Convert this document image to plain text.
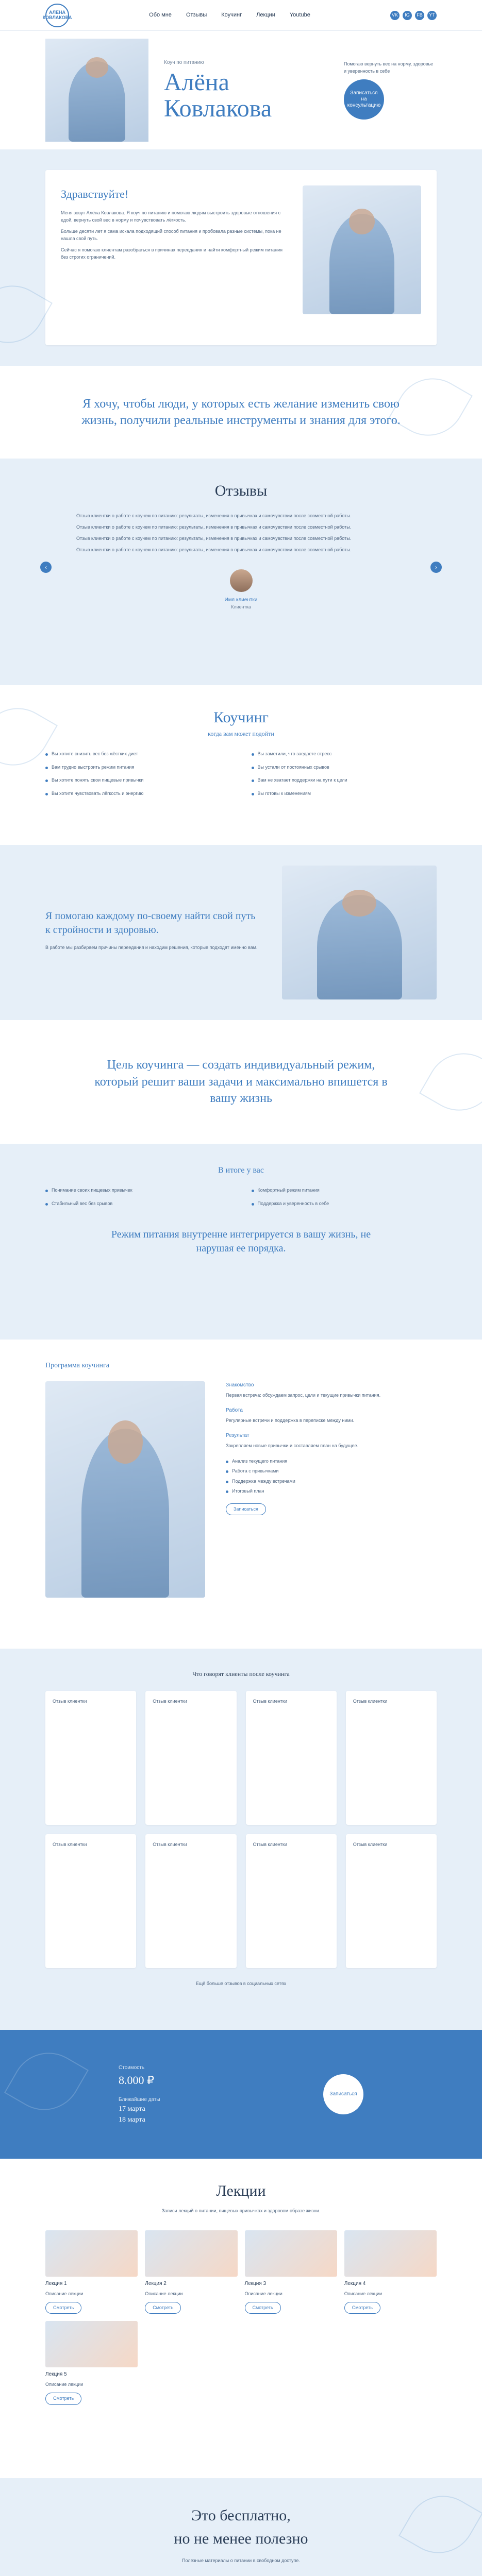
АЛЁНА
КОВЛАКОВА	Обо мне	Отзывы	Коучинг	Лекции	Youtube	VK	IG	FB	YT
Коуч по питанию
Алёна
Ковлакова
Помогаю вернуть вес на норму, здоровье и уверенность в себе
Записаться на консультацию
Здравствуйте!
Меня зовут Алёна Ковлакова. Я коуч по питанию и помогаю людям выстроить здоровые отношения с едой, вернуть свой вес в норму и почувствовать лёгкость.
Больше десяти лет я сама искала подходящий способ питания и пробовала разные системы, пока не нашла свой путь.
Сейчас я помогаю клиентам разобраться в причинах переедания и найти комфортный режим питания без строгих ограничений.
Я хочу, чтобы люди, у которых есть желание изменить свою жизнь, получили реальные инструменты и знания для этого.
Отзывы
‹	›
Отзыв клиентки о работе с коучем по питанию: результаты, изменения в привычках и самочувствии после совместной работы.
Отзыв клиентки о работе с коучем по питанию: результаты, изменения в привычках и самочувствии после совместной работы.
Отзыв клиентки о работе с коучем по питанию: результаты, изменения в привычках и самочувствии после совместной работы.
Отзыв клиентки о работе с коучем по питанию: результаты, изменения в привычках и самочувствии после совместной работы.
Имя клиентки
Клиентка
Коучинг
когда вам может подойти
Вы хотите снизить вес без жёстких диет	Вы заметили, что заедаете стресс
Вам трудно выстроить режим питания	Вы устали от постоянных срывов
Вы хотите понять свои пищевые привычки	Вам не хватает поддержки на пути к цели
Вы хотите чувствовать лёгкость и энергию	Вы готовы к изменениям
Я помогаю каждому по-своему найти свой путь к стройности и здоровью.
В работе мы разбираем причины переедания и находим решения, которые подходят именно вам.
Цель коучинга — создать индивидуальный режим, который решит ваши задачи и максимально впишется в вашу жизнь
В итоге у вас
Понимание своих пищевых привычек	Комфортный режим питания
Стабильный вес без срывов	Поддержка и уверенность в себе
Режим питания внутренне интегрируется в вашу жизнь, не нарушая ее порядка.
Программа коучинга
Знакомство
Первая встреча: обсуждаем запрос, цели и текущие привычки питания.
Работа
Регулярные встречи и поддержка в переписке между ними.
Результат
Закрепляем новые привычки и составляем план на будущее.
Анализ текущего питания
Работа с привычками
Поддержка между встречами
Итоговый план
Записаться
Что говорят клиенты после коучинга
Отзыв клиентки	Отзыв клиентки	Отзыв клиентки	Отзыв клиентки
Отзыв клиентки	Отзыв клиентки	Отзыв клиентки	Отзыв клиентки
Ещё больше отзывов в социальных сетях
Стоимость
8.000 ₽
Ближайшие даты
17 марта
18 марта
Записаться
Лекции
Записи лекций о питании, пищевых привычках и здоровом образе жизни.
Лекция 1
Описание лекции
Смотреть
Лекция 2
Описание лекции
Смотреть
Лекция 3
Описание лекции
Смотреть
Лекция 4
Описание лекции
Смотреть
Лекция 5
Описание лекции
Смотреть
Это бесплатно,
но не менее полезно
Полезные материалы о питании в свободном доступе.
